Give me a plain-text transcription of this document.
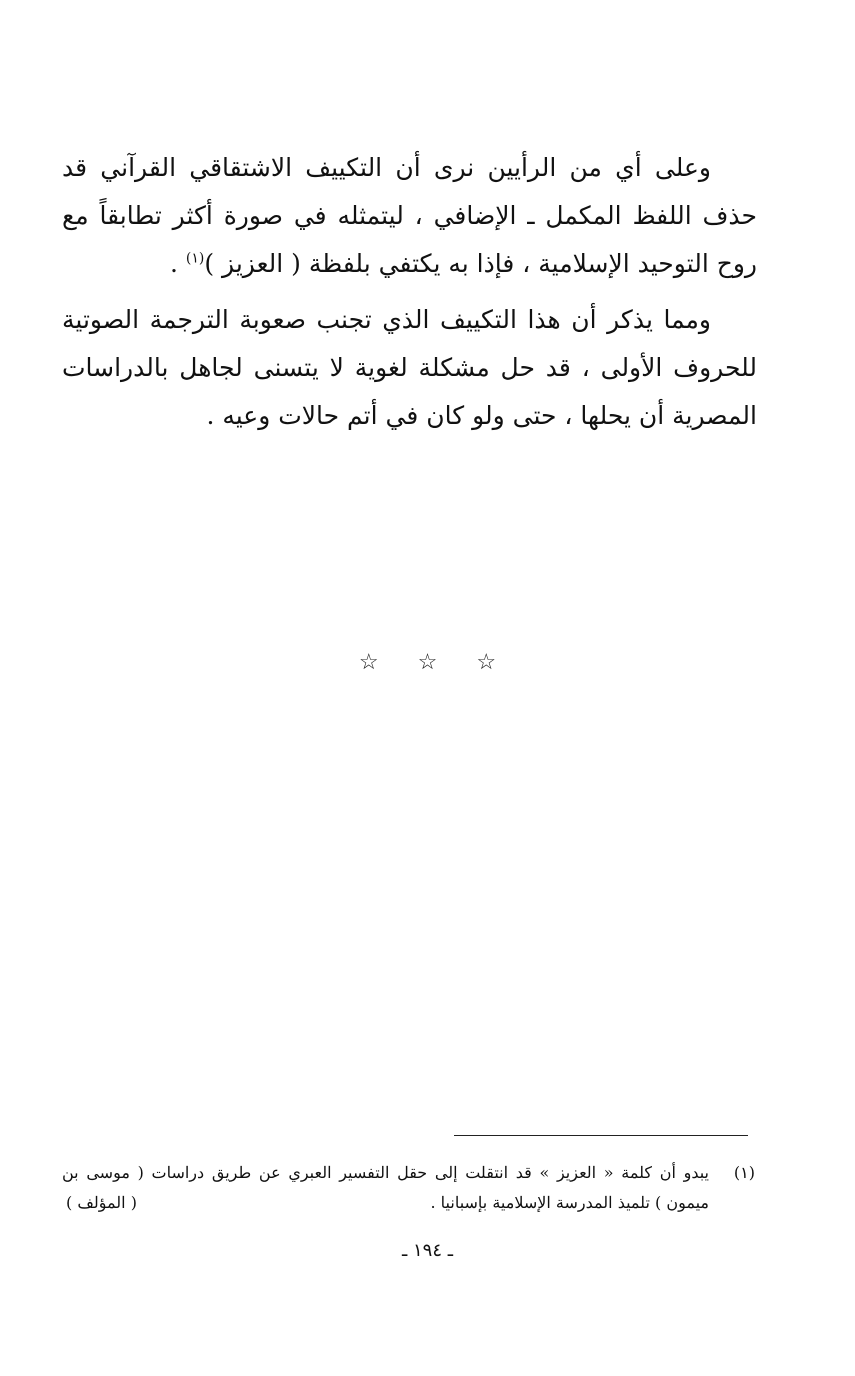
وعلى أي من الرأيين نرى أن التكييف الاشتقاقي القرآني قد حذف اللفظ المكمل ـ الإضافي ، ليتمثله في صورة أكثر تطابقاً مع روح التوحيد الإسلامية ، فإذا به يكتفي بلفظة ( العزيز )$^{(١)}$ .

ومما يذكر أن هذا التكييف الذي تجنب صعوبة الترجمة الصوتية للحروف الأولى ، قد حل مشكلة لغوية لا يتسنى لجاهل بالدراسات المصرية أن يحلها ، حتى ولو كان في أتم حالات وعيه .

☆ ☆ ☆
(١)
يبدو أن كلمة « العزيز » قد انتقلت إلى حقل التفسير العبري عن طريق دراسات ( موسى بن ميمون ) تلميذ المدرسة الإسلامية بإسبانيا .
( المؤلف )
ـ ١٩٤ ـ
